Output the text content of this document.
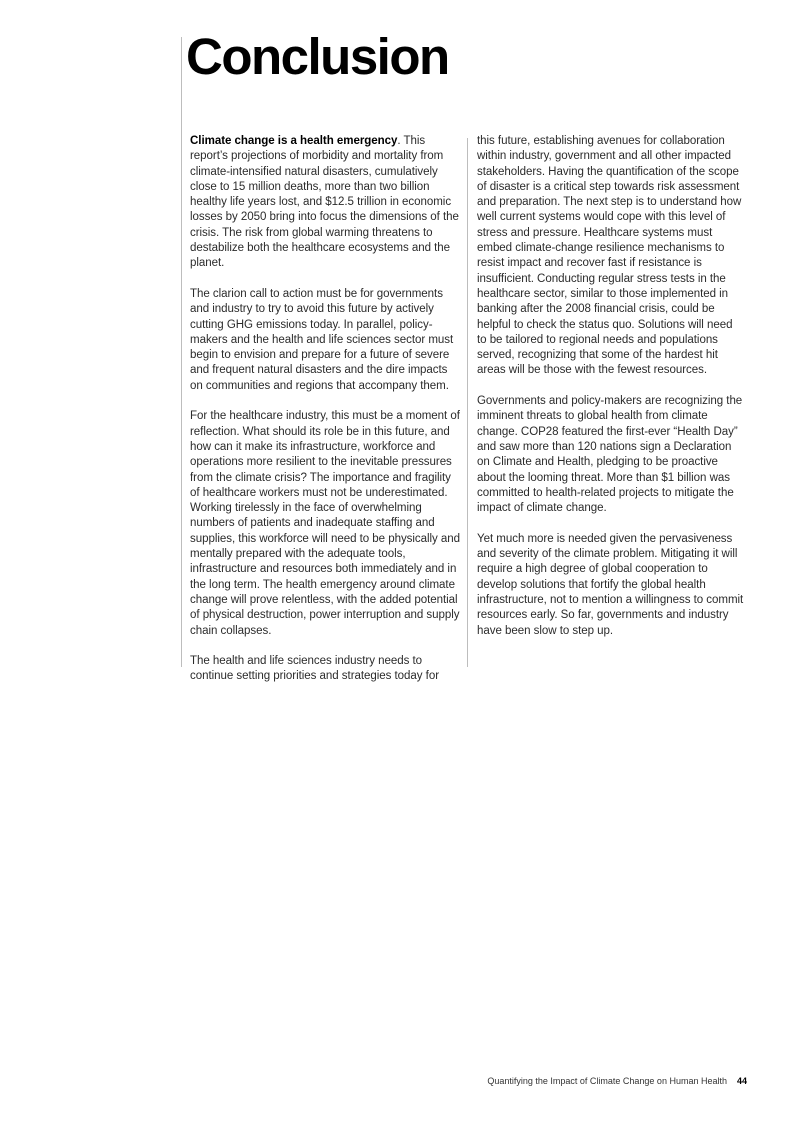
Conclusion

Climate change is a health emergency. This report’s projections of morbidity and mortality from climate-intensified natural disasters, cumulatively close to 15 million deaths, more than two billion healthy life years lost, and $12.5 trillion in economic losses by 2050 bring into focus the dimensions of the crisis. The risk from global warming threatens to destabilize both the healthcare ecosystems and the planet.

The clarion call to action must be for governments and industry to try to avoid this future by actively cutting GHG emissions today. In parallel, policy-makers and the health and life sciences sector must begin to envision and prepare for a future of severe and frequent natural disasters and the dire impacts on communities and regions that accompany them.

For the healthcare industry, this must be a moment of reflection. What should its role be in this future, and how can it make its infrastructure, workforce and operations more resilient to the inevitable pressures from the climate crisis? The importance and fragility of healthcare workers must not be underestimated. Working tirelessly in the face of overwhelming numbers of patients and inadequate staffing and supplies, this workforce will need to be physically and mentally prepared with the adequate tools, infrastructure and resources both immediately and in the long term. The health emergency around climate change will prove relentless, with the added potential of physical destruction, power interruption and supply chain collapses.

The health and life sciences industry needs to continue setting priorities and strategies today for

this future, establishing avenues for collaboration within industry, government and all other impacted stakeholders. Having the quantification of the scope of disaster is a critical step towards risk assessment and preparation. The next step is to understand how well current systems would cope with this level of stress and pressure. Healthcare systems must embed climate-change resilience mechanisms to resist impact and recover fast if resistance is insufficient. Conducting regular stress tests in the healthcare sector, similar to those implemented in banking after the 2008 financial crisis, could be helpful to check the status quo. Solutions will need to be tailored to regional needs and populations served, recognizing that some of the hardest hit areas will be those with the fewest resources.

Governments and policy-makers are recognizing the imminent threats to global health from climate change. COP28 featured the first-ever “Health Day” and saw more than 120 nations sign a Declaration on Climate and Health, pledging to be proactive about the looming threat. More than $1 billion was committed to health-related projects to mitigate the impact of climate change.

Yet much more is needed given the pervasiveness and severity of the climate problem. Mitigating it will require a high degree of global cooperation to develop solutions that fortify the global health infrastructure, not to mention a willingness to commit resources early. So far, governments and industry have been slow to step up.

Quantifying the Impact of Climate Change on Human Health 44
